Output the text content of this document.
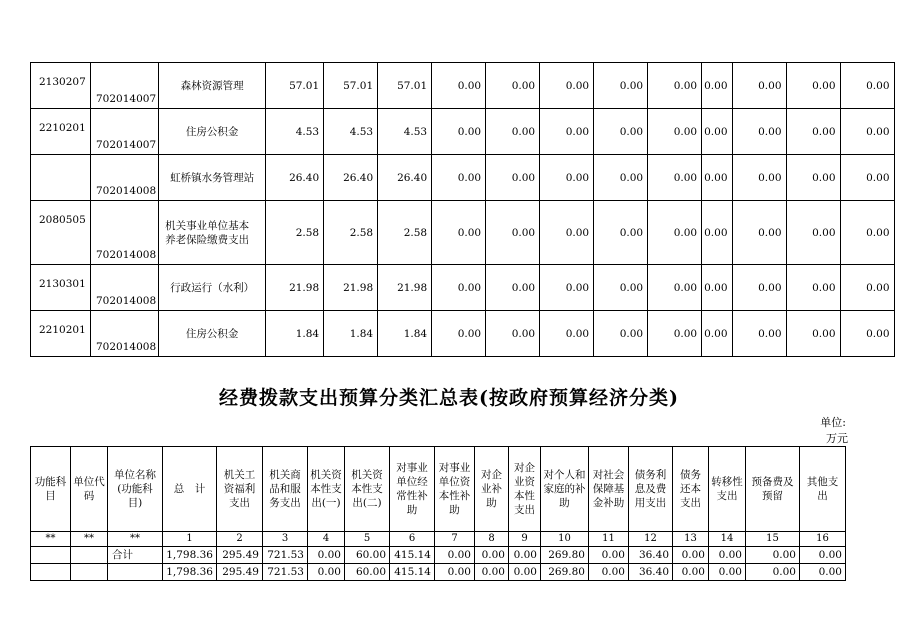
2130207	702014007	森林资源管理	57.01	57.01	57.01	0.00	0.00	0.00	0.00	0.00	0.00	0.00	0.00	0.00
2210201	702014007	住房公积金	4.53	4.53	4.53	0.00	0.00	0.00	0.00	0.00	0.00	0.00	0.00	0.00
	702014008	虹桥镇水务管理站	26.40	26.40	26.40	0.00	0.00	0.00	0.00	0.00	0.00	0.00	0.00	0.00
2080505	702014008	机关事业单位基本养老保险缴费支出	2.58	2.58	2.58	0.00	0.00	0.00	0.00	0.00	0.00	0.00	0.00	0.00
2130301	702014008	行政运行（水利）	21.98	21.98	21.98	0.00	0.00	0.00	0.00	0.00	0.00	0.00	0.00	0.00
2210201	702014008	住房公积金	1.84	1.84	1.84	0.00	0.00	0.00	0.00	0.00	0.00	0.00	0.00	0.00
经费拨款支出预算分类汇总表(按政府预算经济分类)
单位:
万元
功能科目	单位代码	单位名称(功能科目)	总　计	机关工资福利支出	机关商品和服务支出	机关资本性支出(一)	机关资本性支出(二)	对事业单位经常性补助	对事业单位资本性补助	对企业补助	对企业资本性支出	对个人和家庭的补助	对社会保障基金补助	债务利息及费用支出	债务还本支出	转移性支出	预备费及预留	其他支出
**	**	**	1	2	3	4	5	6	7	8	9	10	11	12	13	14	15	16
		合计	1,798.36	295.49	721.53	0.00	60.00	415.14	0.00	0.00	0.00	269.80	0.00	36.40	0.00	0.00	0.00	0.00
			1,798.36	295.49	721.53	0.00	60.00	415.14	0.00	0.00	0.00	269.80	0.00	36.40	0.00	0.00	0.00	0.00
